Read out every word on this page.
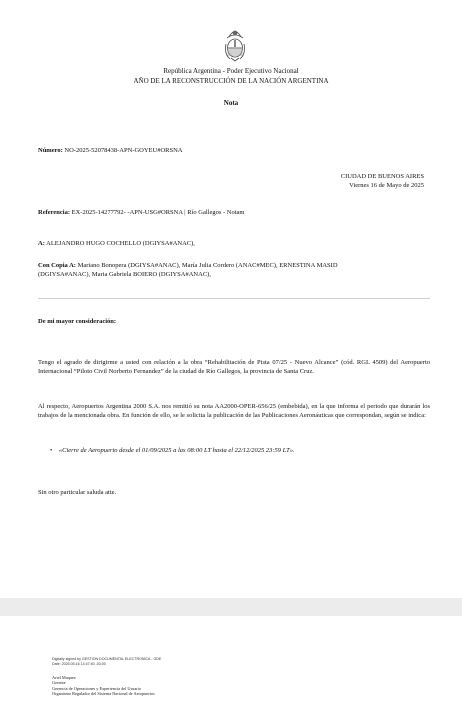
República Argentina - Poder Ejecutivo Nacional
AÑO DE LA RECONSTRUCCIÓN DE LA NACIÓN ARGENTINA
Nota
Número: NO-2025-52078438-APN-GOYEU#ORSNA
CIUDAD DE BUENOS AIRES
Viernes 16 de Mayo de 2025
Referencia: EX-2025-14277792- -APN-USG#ORSNA | Río Gallegos - Notam
A: ALEJANDRO HUGO COCHELLO (DGIYSA#ANAC),
Con Copia A: Mariano Bonopera (DGIYSA#ANAC), María Julia Cordero (ANAC#MEC), ERNESTINA MASID
(DGIYSA#ANAC), Maria Gabriela BOIERO (DGIYSA#ANAC),
De mi mayor consideración:
Tengo el agrado de dirigirme a usted con relación a la obra “Rehabilitación de Pista 07/25 - Nuevo Alcance” (cód. RGL 4509) del Aeropuerto Internacional “Piloto Civil Norberto Fernandez” de la ciudad de Río Gallegos, la provincia de Santa Cruz.
Al respecto, Aeropuertos Argentina 2000 S.A. nos remitió su nota AA2000-OPER-656/25 (embebida), en la que informa el periodo que durarán los trabajos de la mencionada obra. En función de ello, se le solicita la publicación de las Publicaciones Aeronáuticas que correspondan, según se indica:
• «Cierre de Aeropuerto desde el 01/09/2025 a las 08:00 LT hasta el 22/12/2025 23:59 LT».
Sin otro particular saluda atte.
Digitally signed by GESTION DOCUMENTAL ELECTRONICA - GDE
Date: 2025.05.16 14:47:40 -03:00
Ariel Maquez
Gerente
Gerencia de Operaciones y Experiencia del Usuario
Organismo Regulador del Sistema Nacional de Aeropuertos
